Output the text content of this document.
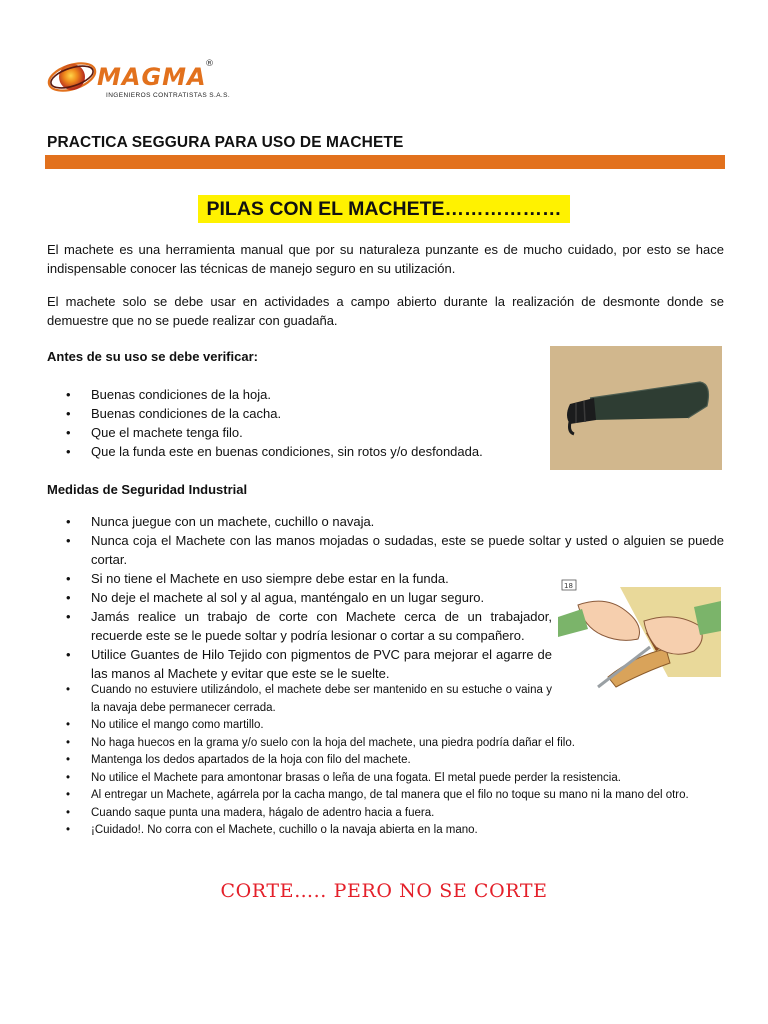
MAGMA
®
INGENIEROS CONTRATISTAS S.A.S.
PRACTICA SEGGURA PARA USO DE MACHETE
PILAS CON EL MACHETE………………

El machete es una herramienta manual que por su naturaleza punzante es de mucho cuidado, por esto se hace indispensable conocer las técnicas de manejo seguro en su utilización.

El machete solo se debe usar en actividades a campo abierto durante la realización de desmonte donde se demuestre que no se puede realizar con guadaña.

Antes de su uso se debe verificar:

• Buenas condiciones de la hoja.
• Buenas condiciones de la cacha.
• Que el machete tenga filo.
• Que la funda este en buenas condiciones, sin rotos y/o desfondada.

Medidas de Seguridad Industrial

• Nunca juegue con un machete, cuchillo o navaja.
• Nunca coja el Machete con las manos mojadas o sudadas, este se puede soltar y usted o alguien se puede cortar.
• Si no tiene el Machete en uso siempre debe estar en la funda.
• No deje el machete al sol y al agua, manténgalo en un lugar seguro.
• Jamás realice un trabajo de corte con Machete cerca de un trabajador, recuerde este se le puede soltar y podría lesionar o cortar a su compañero.
• Utilice Guantes de Hilo Tejido con pigmentos de PVC para mejorar el agarre de las manos al Machete y evitar que este se le suelte.
• Cuando no estuviere utilizándolo, el machete debe ser mantenido en su estuche o vaina y la navaja debe permanecer cerrada.
• No utilice el mango como martillo.
• No haga huecos en la grama y/o suelo con la hoja del machete, una piedra podría dañar el filo.
• Mantenga los dedos apartados de la hoja con filo del machete.
• No utilice el Machete para amontonar brasas o leña de una fogata. El metal puede perder la resistencia.
• Al entregar un Machete, agárrela por la cacha mango, de tal manera que el filo no toque su mano ni la mano del otro.
• Cuando saque punta una madera, hágalo de adentro hacia a fuera.
• ¡Cuidado!. No corra con el Machete, cuchillo o la navaja abierta en la mano.
18

CORTE….. PERO NO SE CORTE
